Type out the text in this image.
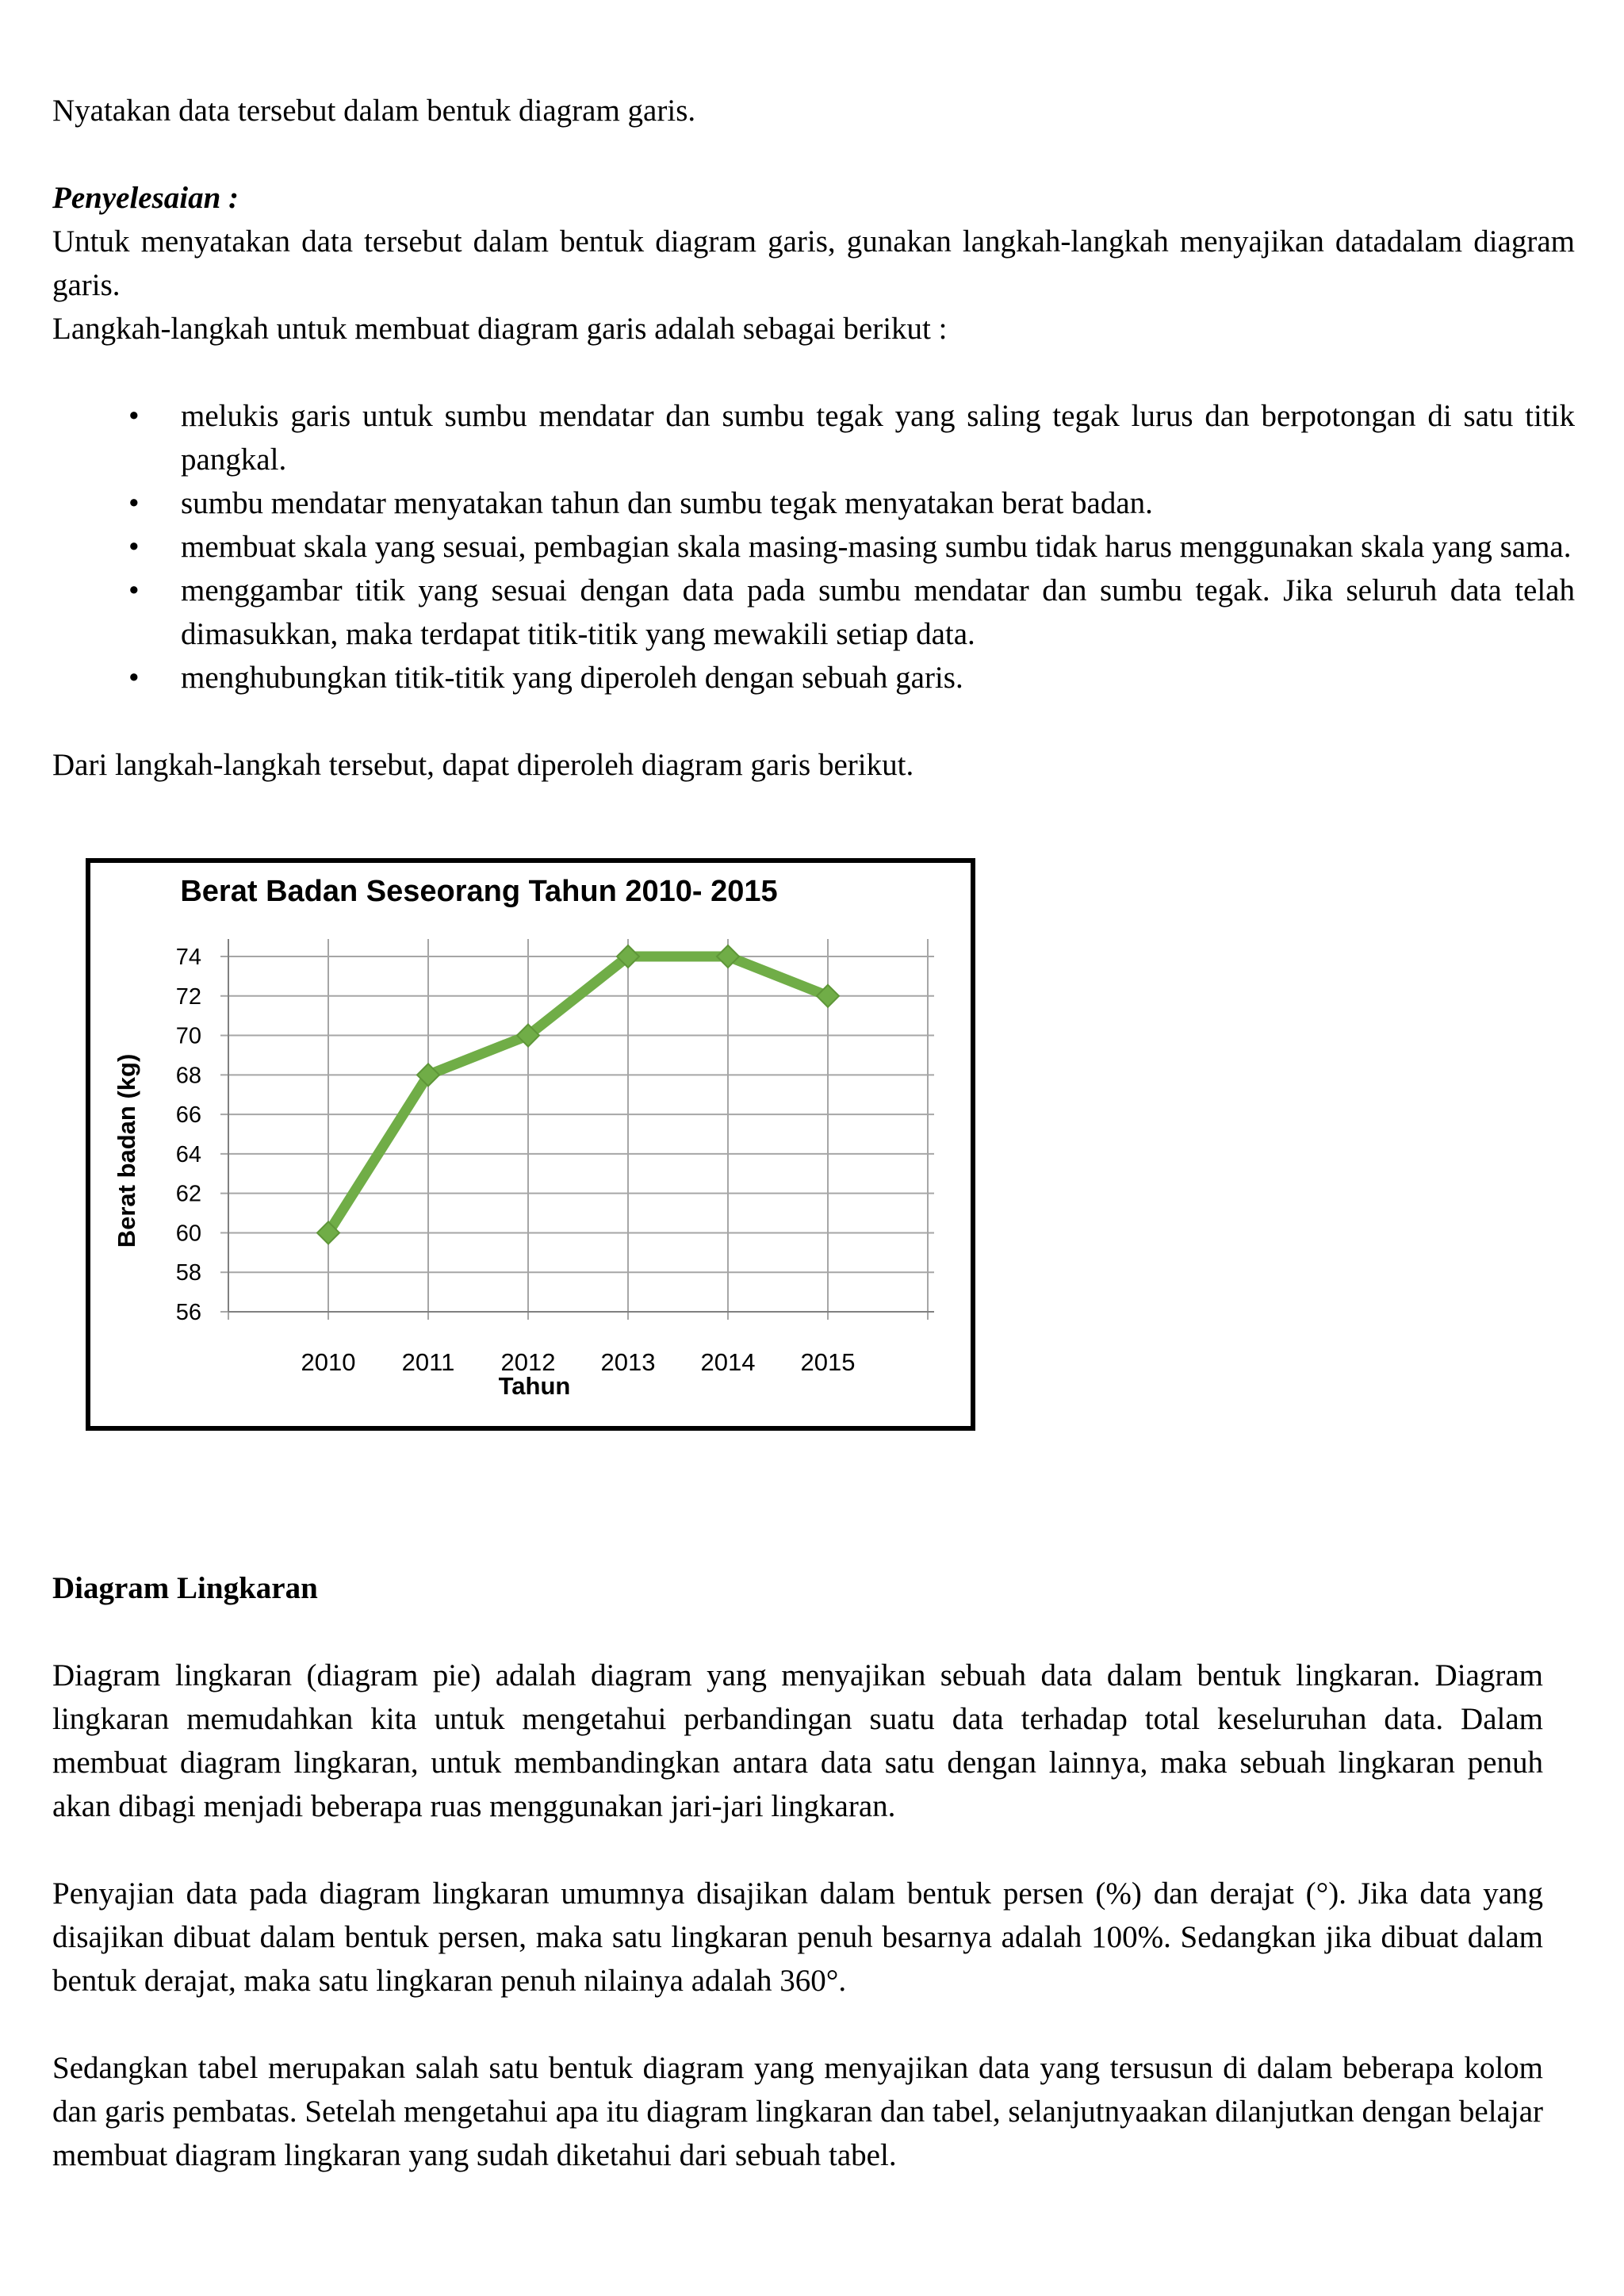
Nyatakan data tersebut dalam bentuk diagram garis.

Penyelesaian :

Untuk menyatakan data tersebut dalam bentuk diagram garis, gunakan langkah-langkah menyajikan datadalam diagram garis.

Langkah-langkah untuk membuat diagram garis adalah sebagai berikut :

• melukis garis untuk sumbu mendatar dan sumbu tegak yang saling tegak lurus dan berpotongan di satu titik pangkal.
• sumbu mendatar menyatakan tahun dan sumbu tegak menyatakan berat badan.
• membuat skala yang sesuai, pembagian skala masing-masing sumbu tidak harus menggunakan skala yang sama.
• menggambar titik yang sesuai dengan data pada sumbu mendatar dan sumbu tegak. Jika seluruh data telah dimasukkan, maka terdapat titik-titik yang mewakili setiap data.
• menghubungkan titik-titik yang diperoleh dengan sebuah garis.

Dari langkah-langkah tersebut, dapat diperoleh diagram garis berikut.

Berat Badan Seseorang Tahun 2010- 2015
56
58
60
62
64
66
68
70
72
74
2010 2011 2012 2013 2014 2015
Tahun
Berat badan (kg)
Diagram Lingkaran

Diagram lingkaran (diagram pie) adalah diagram yang menyajikan sebuah data dalam bentuk lingkaran. Diagram lingkaran memudahkan kita untuk mengetahui perbandingan suatu data terhadap total keseluruhan data. Dalam membuat diagram lingkaran, untuk membandingkan antara data satu dengan lainnya, maka sebuah lingkaran penuh akan dibagi menjadi beberapa ruas menggunakan jari-jari lingkaran.

Penyajian data pada diagram lingkaran umumnya disajikan dalam bentuk persen (%) dan derajat (°). Jika data yang disajikan dibuat dalam bentuk persen, maka satu lingkaran penuh besarnya adalah 100%. Sedangkan jika dibuat dalam bentuk derajat, maka satu lingkaran penuh nilainya adalah 360°.

Sedangkan tabel merupakan salah satu bentuk diagram yang menyajikan data yang tersusun di dalam beberapa kolom dan garis pembatas. Setelah mengetahui apa itu diagram lingkaran dan tabel, selanjutnyaakan dilanjutkan dengan belajar membuat diagram lingkaran yang sudah diketahui dari sebuah tabel.
